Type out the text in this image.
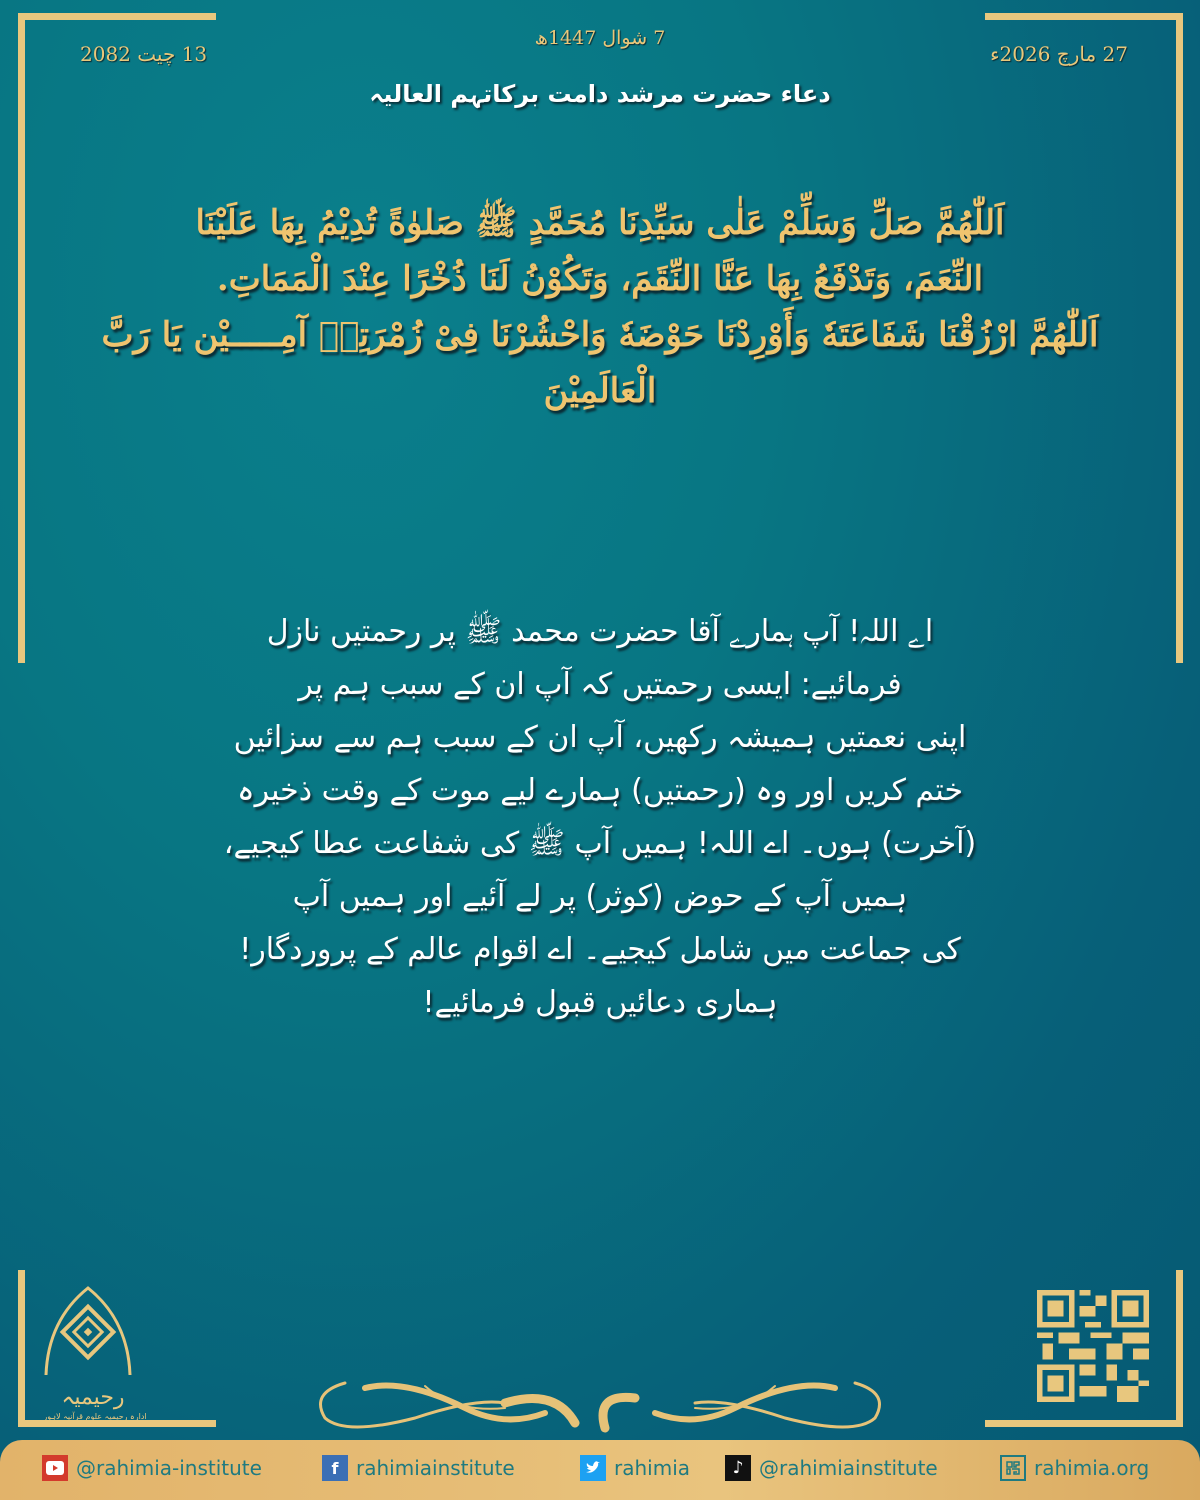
13 چیت 2082
7 شوال 1447ھ
27 مارچ 2026ء
دعاء حضرت مرشد دامت برکاتہم العالیہ
اَللّٰھُمَّ صَلِّ وَسَلِّمْ عَلٰى سَيِّدِنَا مُحَمَّدٍ ﷺ صَلوٰةً تُدِيْمُ بِهَا عَلَيْنَا
النِّعَمَ، وَتَدْفَعُ بِهَا عَنَّا النِّقَمَ، وَتَكُوْنُ لَنَا ذُخْرًا عِنْدَ الْمَمَاتِ.
اَللّٰھُمَّ ارْزُقْنَا شَفَاعَتَهٗ وَأَوْرِدْنَا حَوْضَهٗ وَاحْشُرْنَا فِیْ زُمْرَتِهٖ آمِـــــيْن يَا رَبَّ
الْعَالَمِيْنَ

اے اللہ! آپ ہمارے آقا حضرت محمد ﷺ پر رحمتیں نازل

فرمائیے: ایسی رحمتیں کہ آپ ان کے سبب ہم پر

اپنی نعمتیں ہمیشہ رکھیں، آپ ان کے سبب ہم سے سزائیں

ختم کریں اور وہ (رحمتیں) ہمارے لیے موت کے وقت ذخیرہ

(آخرت) ہوں۔ اے اللہ! ہمیں آپ ﷺ کی شفاعت عطا کیجیے،

ہمیں آپ کے حوض (کوثر) پر لے آئیے اور ہمیں آپ

کی جماعت میں شامل کیجیے۔ اے اقوام عالم کے پروردگار!

ہماری دعائیں قبول فرمائیے!

رحیمیہ
ادارہ رحیمیہ علوم قرآنیہ لاہور
@rahimia-institute	f rahimiainstitute	rahimia	♪ @rahimiainstitute	rahimia.org
